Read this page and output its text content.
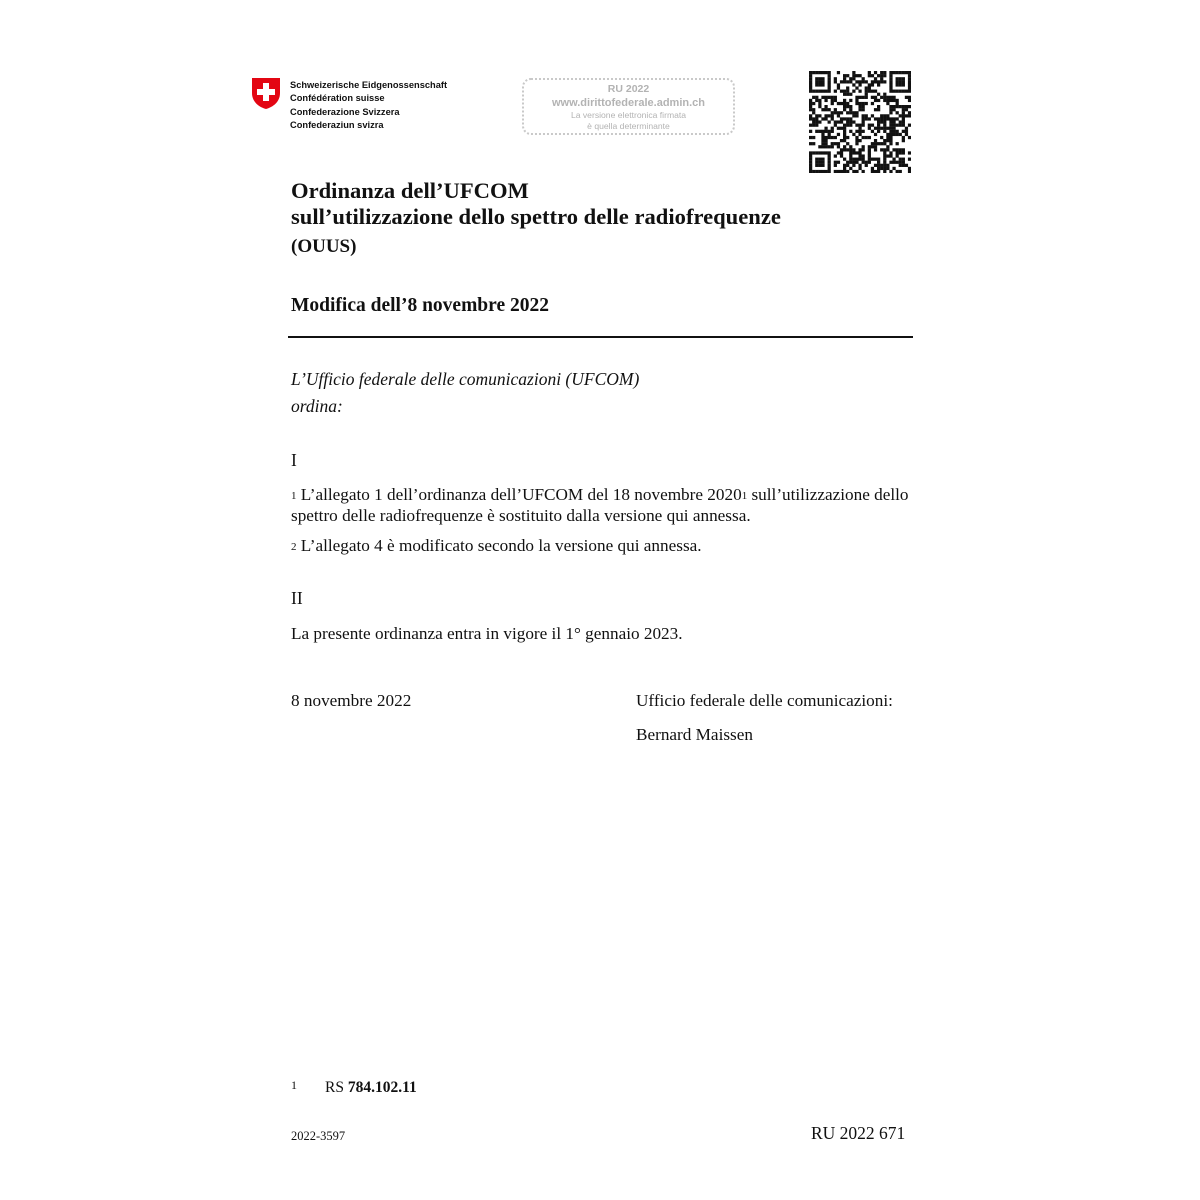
Schweizerische Eidgenossenschaft
Confédération suisse
Confederazione Svizzera
Confederaziun svizra
RU 2022
www.dirittofederale.admin.ch
La versione elettronica firmata
è quella determinante
Ordinanza dell’UFCOM
sull’utilizzazione dello spettro delle radiofrequenze
(OUUS)
Modifica dell’8 novembre 2022
L’Ufficio federale delle comunicazioni (UFCOM)
ordina:
I
$^1$ L’allegato 1 dell’ordinanza dell’UFCOM del 18 novembre 2020$^1$ sull’utilizzazione dello spettro delle radiofrequenze è sostituito dalla versione qui annessa.
$^2$ L’allegato 4 è modificato secondo la versione qui annessa.
II
La presente ordinanza entra in vigore il 1° gennaio 2023.
8 novembre 2022	Ufficio federale delle comunicazioni:
Bernard Maissen
1 RS 784.102.11
2022-3597	RU 2022 671
